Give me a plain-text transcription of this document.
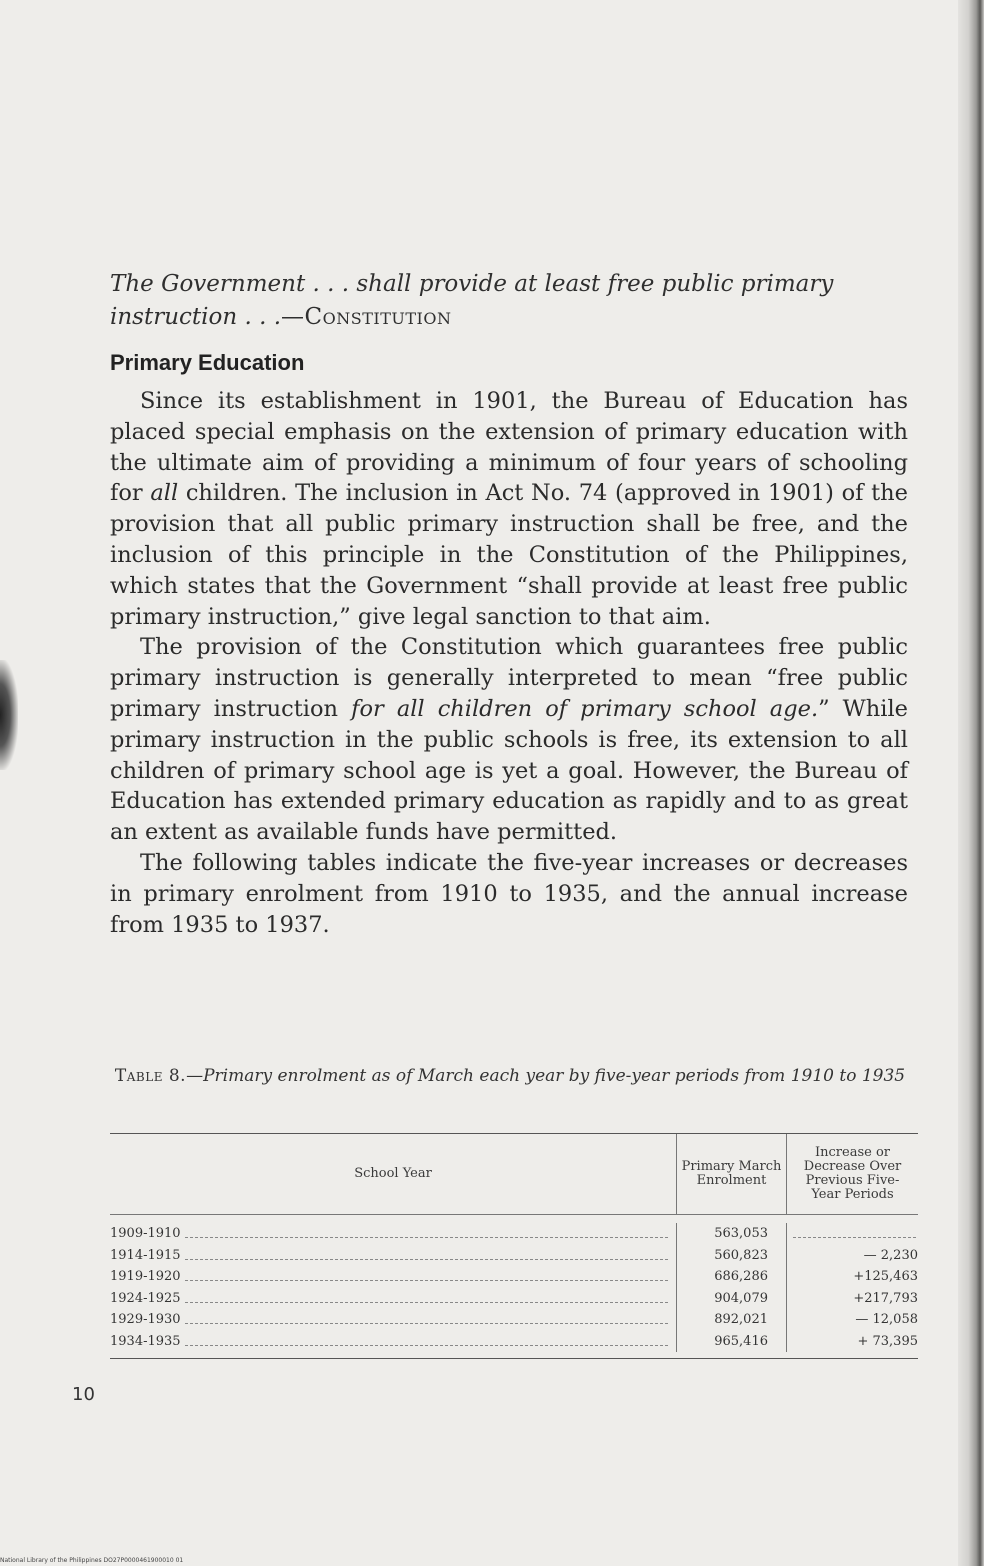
The Government . . . shall provide at least free public primary instruction . . .—Constitution
Primary Education

Since its establishment in 1901, the Bureau of Education has placed special emphasis on the extension of primary education with the ultimate aim of providing a minimum of four years of schooling for all children. The inclusion in Act No. 74 (approved in 1901) of the provision that all public primary instruction shall be free, and the inclusion of this principle in the Constitution of the Philippines, which states that the Government “shall provide at least free public primary instruction,” give legal sanction to that aim.

The provision of the Constitution which guarantees free public primary instruction is generally interpreted to mean “free public primary instruction for all children of primary school age.” While primary instruction in the public schools is free, its extension to all children of primary school age is yet a goal. However, the Bureau of Education has extended primary education as rapidly and to as great an extent as available funds have permitted.

The following tables indicate the five-year increases or decreases in primary enrolment from 1910 to 1935, and the annual increase from 1935 to 1937.

Table 8.—Primary enrolment as of March each year by five-year periods from 1910 to 1935
School Year	Primary March Enrolment
Increase or Decrease Over Previous Five-Year Periods
1909-1910
1914-1915
1919-1920
1924-1925
1929-1930
1934-1935
563,053
560,823
686,286
904,079
892,021
965,416
— 2,230
+125,463
+217,793
— 12,058
+ 73,395
10
National Library of the Philippines DO27P0000461900010 01
